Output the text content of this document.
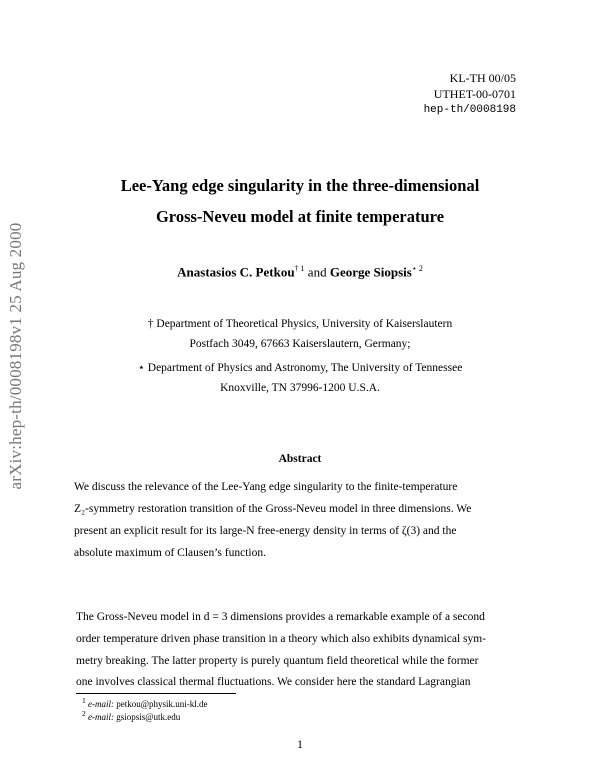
arXiv:hep-th/0008198v1 25 Aug 2000
KL-TH 00/05
UTHET-00-0701
hep-th/0008198
Lee-Yang edge singularity in the three-dimensional
Gross-Neveu model at finite temperature
Anastasios C. Petkou$^{\dagger 1}$ and George Siopsis$^{⋆ 2}$
† Department of Theoretical Physics, University of Kaiserslautern
Postfach 3049, 67663 Kaiserslautern, Germany;
⋆ Department of Physics and Astronomy, The University of Tennessee
Knoxville, TN 37996-1200 U.S.A.
Abstract
We discuss the relevance of the Lee-Yang edge singularity to the finite-temperature
Z₂-symmetry restoration transition of the Gross-Neveu model in three dimensions. We
present an explicit result for its large-N free-energy density in terms of ζ(3) and the
absolute maximum of Clausen’s function.
The Gross-Neveu model in d = 3 dimensions provides a remarkable example of a second
order temperature driven phase transition in a theory which also exhibits dynamical sym-
metry breaking. The latter property is purely quantum field theoretical while the former
one involves classical thermal fluctuations. We consider here the standard Lagrangian
$^1$ e-mail: petkou@physik.uni-kl.de
$^2$ e-mail: gsiopsis@utk.edu
1
